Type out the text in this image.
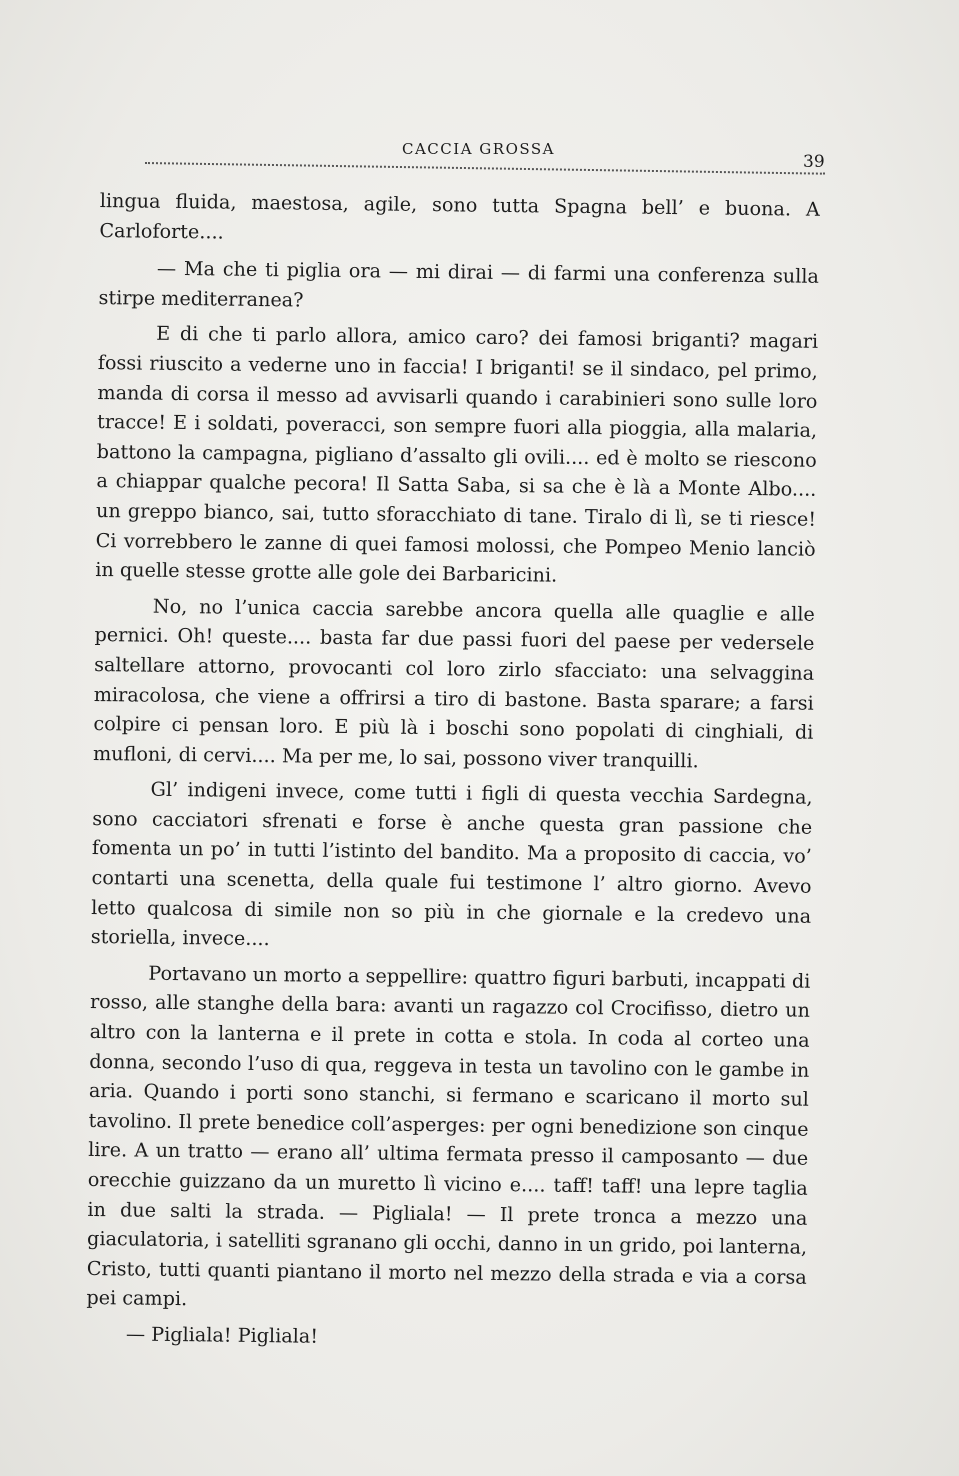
CACCIA GROSSA
39

lingua fluida, maestosa, agile, sono tutta Spagna bell’ e buona. A Carloforte....

— Ma che ti piglia ora — mi dirai — di farmi una conferenza sulla stirpe mediterranea?

E di che ti parlo allora, amico caro? dei famosi briganti? magari fossi riuscito a vederne uno in faccia! I briganti! se il sindaco, pel primo, manda di corsa il messo ad avvisarli quando i carabinieri sono sulle loro tracce! E i soldati, poveracci, son sempre fuori alla pioggia, alla malaria, battono la campagna, pigliano d’assalto gli ovili.... ed è molto se riescono a chiappar qualche pecora! Il Satta Saba, si sa che è là a Monte Albo.... un greppo bianco, sai, tutto sforacchiato di tane. Tiralo di lì, se ti riesce! Ci vorrebbero le zanne di quei famosi molossi, che Pompeo Menio lanciò in quelle stesse grotte alle gole dei Barbaricini.

No, no l’unica caccia sarebbe ancora quella alle quaglie e alle pernici. Oh! queste.... basta far due passi fuori del paese per vedersele saltellare attorno, provocanti col loro zirlo sfacciato: una selvaggina miracolosa, che viene a offrirsi a tiro di bastone. Basta sparare; a farsi colpire ci pensan loro. E più là i boschi sono popolati di cinghiali, di mufloni, di cervi.... Ma per me, lo sai, possono viver tranquilli.

Gl’ indigeni invece, come tutti i figli di questa vecchia Sardegna, sono cacciatori sfrenati e forse è anche questa gran passione che fomenta un po’ in tutti l’istinto del bandito. Ma a proposito di caccia, vo’ contarti una scenetta, della quale fui testimone l’ altro giorno. Avevo letto qualcosa di simile non so più in che giornale e la credevo una storiella, invece....

Portavano un morto a seppellire: quattro figuri barbuti, incappati di rosso, alle stanghe della bara: avanti un ragazzo col Crocifisso, dietro un altro con la lanterna e il prete in cotta e stola. In coda al corteo una donna, secondo l’uso di qua, reggeva in testa un tavolino con le gambe in aria. Quando i porti sono stanchi, si fermano e scaricano il morto sul tavolino. Il prete benedice coll’asperges: per ogni benedizione son cinque lire. A un tratto — erano all’ ultima fermata presso il camposanto — due orecchie guizzano da un muretto lì vicino e.... taff! taff! una lepre taglia in due salti la strada. — Pigliala! — Il prete tronca a mezzo una giaculatoria, i satelliti sgranano gli occhi, danno in un grido, poi lanterna, Cristo, tutti quanti piantano il morto nel mezzo della strada e via a corsa pei campi.

— Pigliala! Pigliala!
